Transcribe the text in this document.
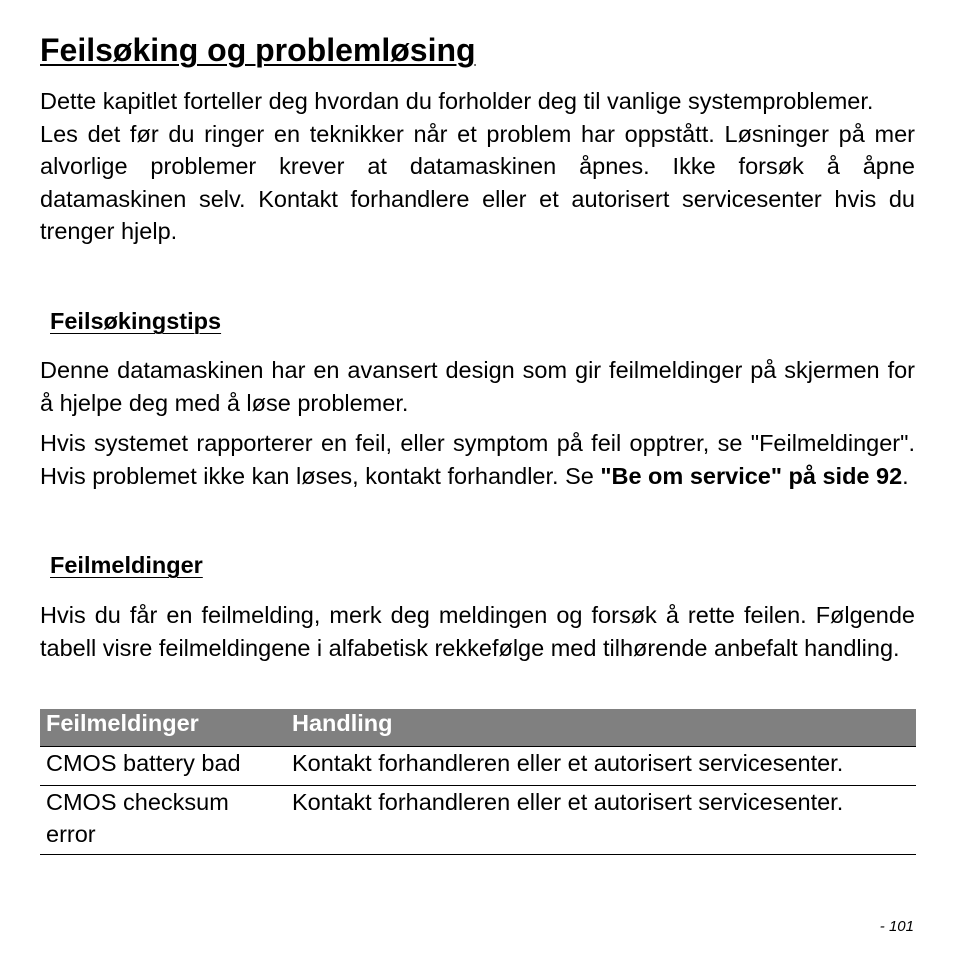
Feilsøking og problemløsing

Dette kapitlet forteller deg hvordan du forholder deg til vanlige systemproblemer.

Les det før du ringer en teknikker når et problem har oppstått. Løsninger på mer alvorlige problemer krever at datamaskinen åpnes. Ikke forsøk å åpne datamaskinen selv. Kontakt forhandlere eller et autorisert servicesenter hvis du trenger hjelp.

Feilsøkingstips

Denne datamaskinen har en avansert design som gir feilmeldinger på skjermen for å hjelpe deg med å løse problemer.

Hvis systemet rapporterer en feil, eller symptom på feil opptrer, se "Feilmeldinger". Hvis problemet ikke kan løses, kontakt forhandler. Se "Be om service" på side 92.

Feilmeldinger

Hvis du får en feilmelding, merk deg meldingen og forsøk å rette feilen. Følgende tabell visre feilmeldingene i alfabetisk rekkefølge med tilhørende anbefalt handling.

Feilmeldinger	Handling
CMOS battery bad	Kontakt forhandleren eller et autorisert servicesenter.
CMOS checksum error	Kontakt forhandleren eller et autorisert servicesenter.
- 101
